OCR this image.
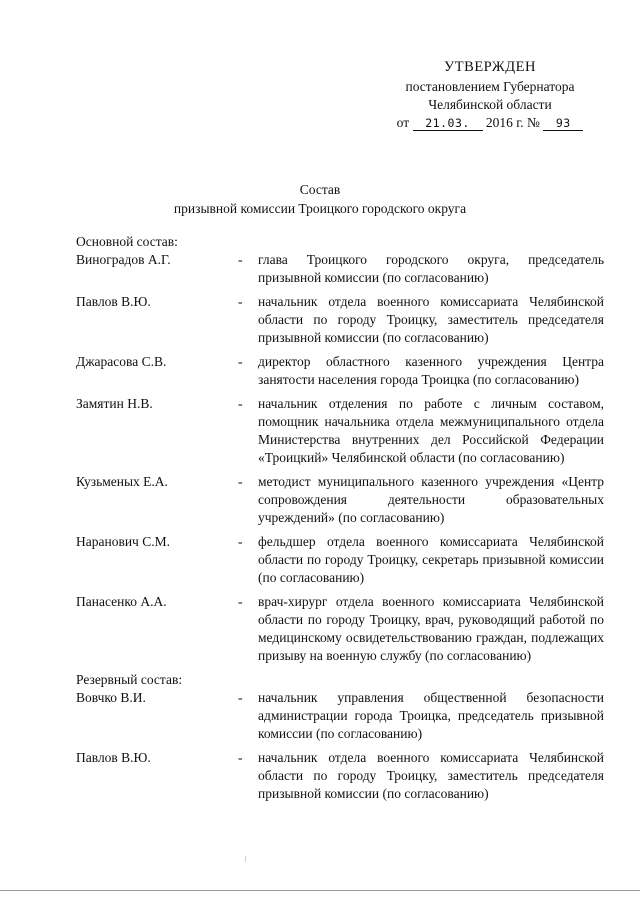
УТВЕРЖДЕН
постановлением Губернатора
Челябинской области
от 21.03. 2016 г. № 93
Состав
призывной комиссии Троицкого городского округа
Основной состав:
Виноградов А.Г.	-	глава Троицкого городского округа, председатель призывной комиссии (по согласованию)
Павлов В.Ю.	-	начальник отдела военного комиссариата Челябинской области по городу Троицку, заместитель председателя призывной комиссии (по согласованию)
Джарасова С.В.	-	директор областного казенного учреждения Центра занятости населения города Троицка (по согласованию)
Замятин Н.В.	-	начальник отделения по работе с личным составом, помощник начальника отдела межмуниципального отдела Министерства внутренних дел Российской Федерации «Троицкий» Челябинской области (по согласованию)
Кузьменых Е.А.	-	методист муниципального казенного учреждения «Центр сопровождения деятельности образовательных учреждений» (по согласованию)
Наранович С.М.	-	фельдшер отдела военного комиссариата Челябинской области по городу Троицку, секретарь призывной комиссии (по согласованию)
Панасенко А.А.	-	врач-хирург отдела военного комиссариата Челябинской области по городу Троицку, врач, руководящий работой по медицинскому освидетельствованию граждан, подлежащих призыву на военную службу (по согласованию)
Резервный состав:
Вовчко В.И.	-	начальник управления общественной безопасности администрации города Троицка, председатель призывной комиссии (по согласованию)
Павлов В.Ю.	-	начальник отдела военного комиссариата Челябинской области по городу Троицку, заместитель председателя призывной комиссии (по согласованию)
